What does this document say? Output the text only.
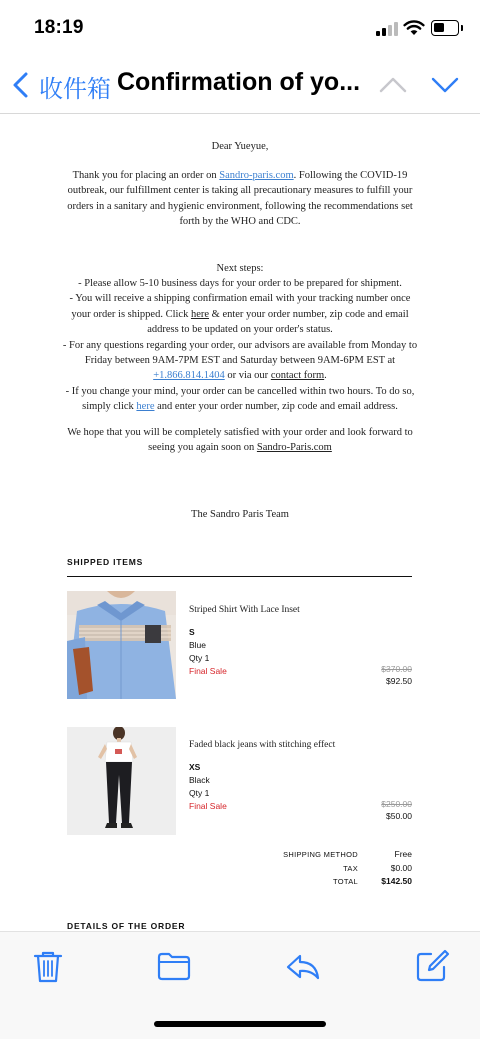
18:19
收件箱 Confirmation of yo...
Dear Yueyue,
Thank you for placing an order on Sandro-paris.com. Following the COVID-19 outbreak, our fulfillment center is taking all precautionary measures to fulfill your orders in a sanitary and hygienic environment, following the recommendations set forth by the WHO and CDC.
Next steps:
- Please allow 5-10 business days for your order to be prepared for shipment.
- You will receive a shipping confirmation email with your tracking number once your order is shipped. Click here & enter your order number, zip code and email address to be updated on your order's status.
- For any questions regarding your order, our advisors are available from Monday to Friday between 9AM-7PM EST and Saturday between 9AM-6PM EST at +1.866.814.1404 or via our contact form.
- If you change your mind, your order can be cancelled within two hours. To do so, simply click here and enter your order number, zip code and email address.
We hope that you will be completely satisfied with your order and look forward to seeing you again soon on Sandro-Paris.com
The Sandro Paris Team
SHIPPED ITEMS
Striped Shirt With Lace Inset
S
Blue
Qty 1
Final Sale	$370.00
$92.50
Faded black jeans with stitching effect
XS
Black
Qty 1
Final Sale	$250.00
$50.00
SHIPPING METHOD	Free
TAX	$0.00
TOTAL	$142.50
DETAILS OF THE ORDER
